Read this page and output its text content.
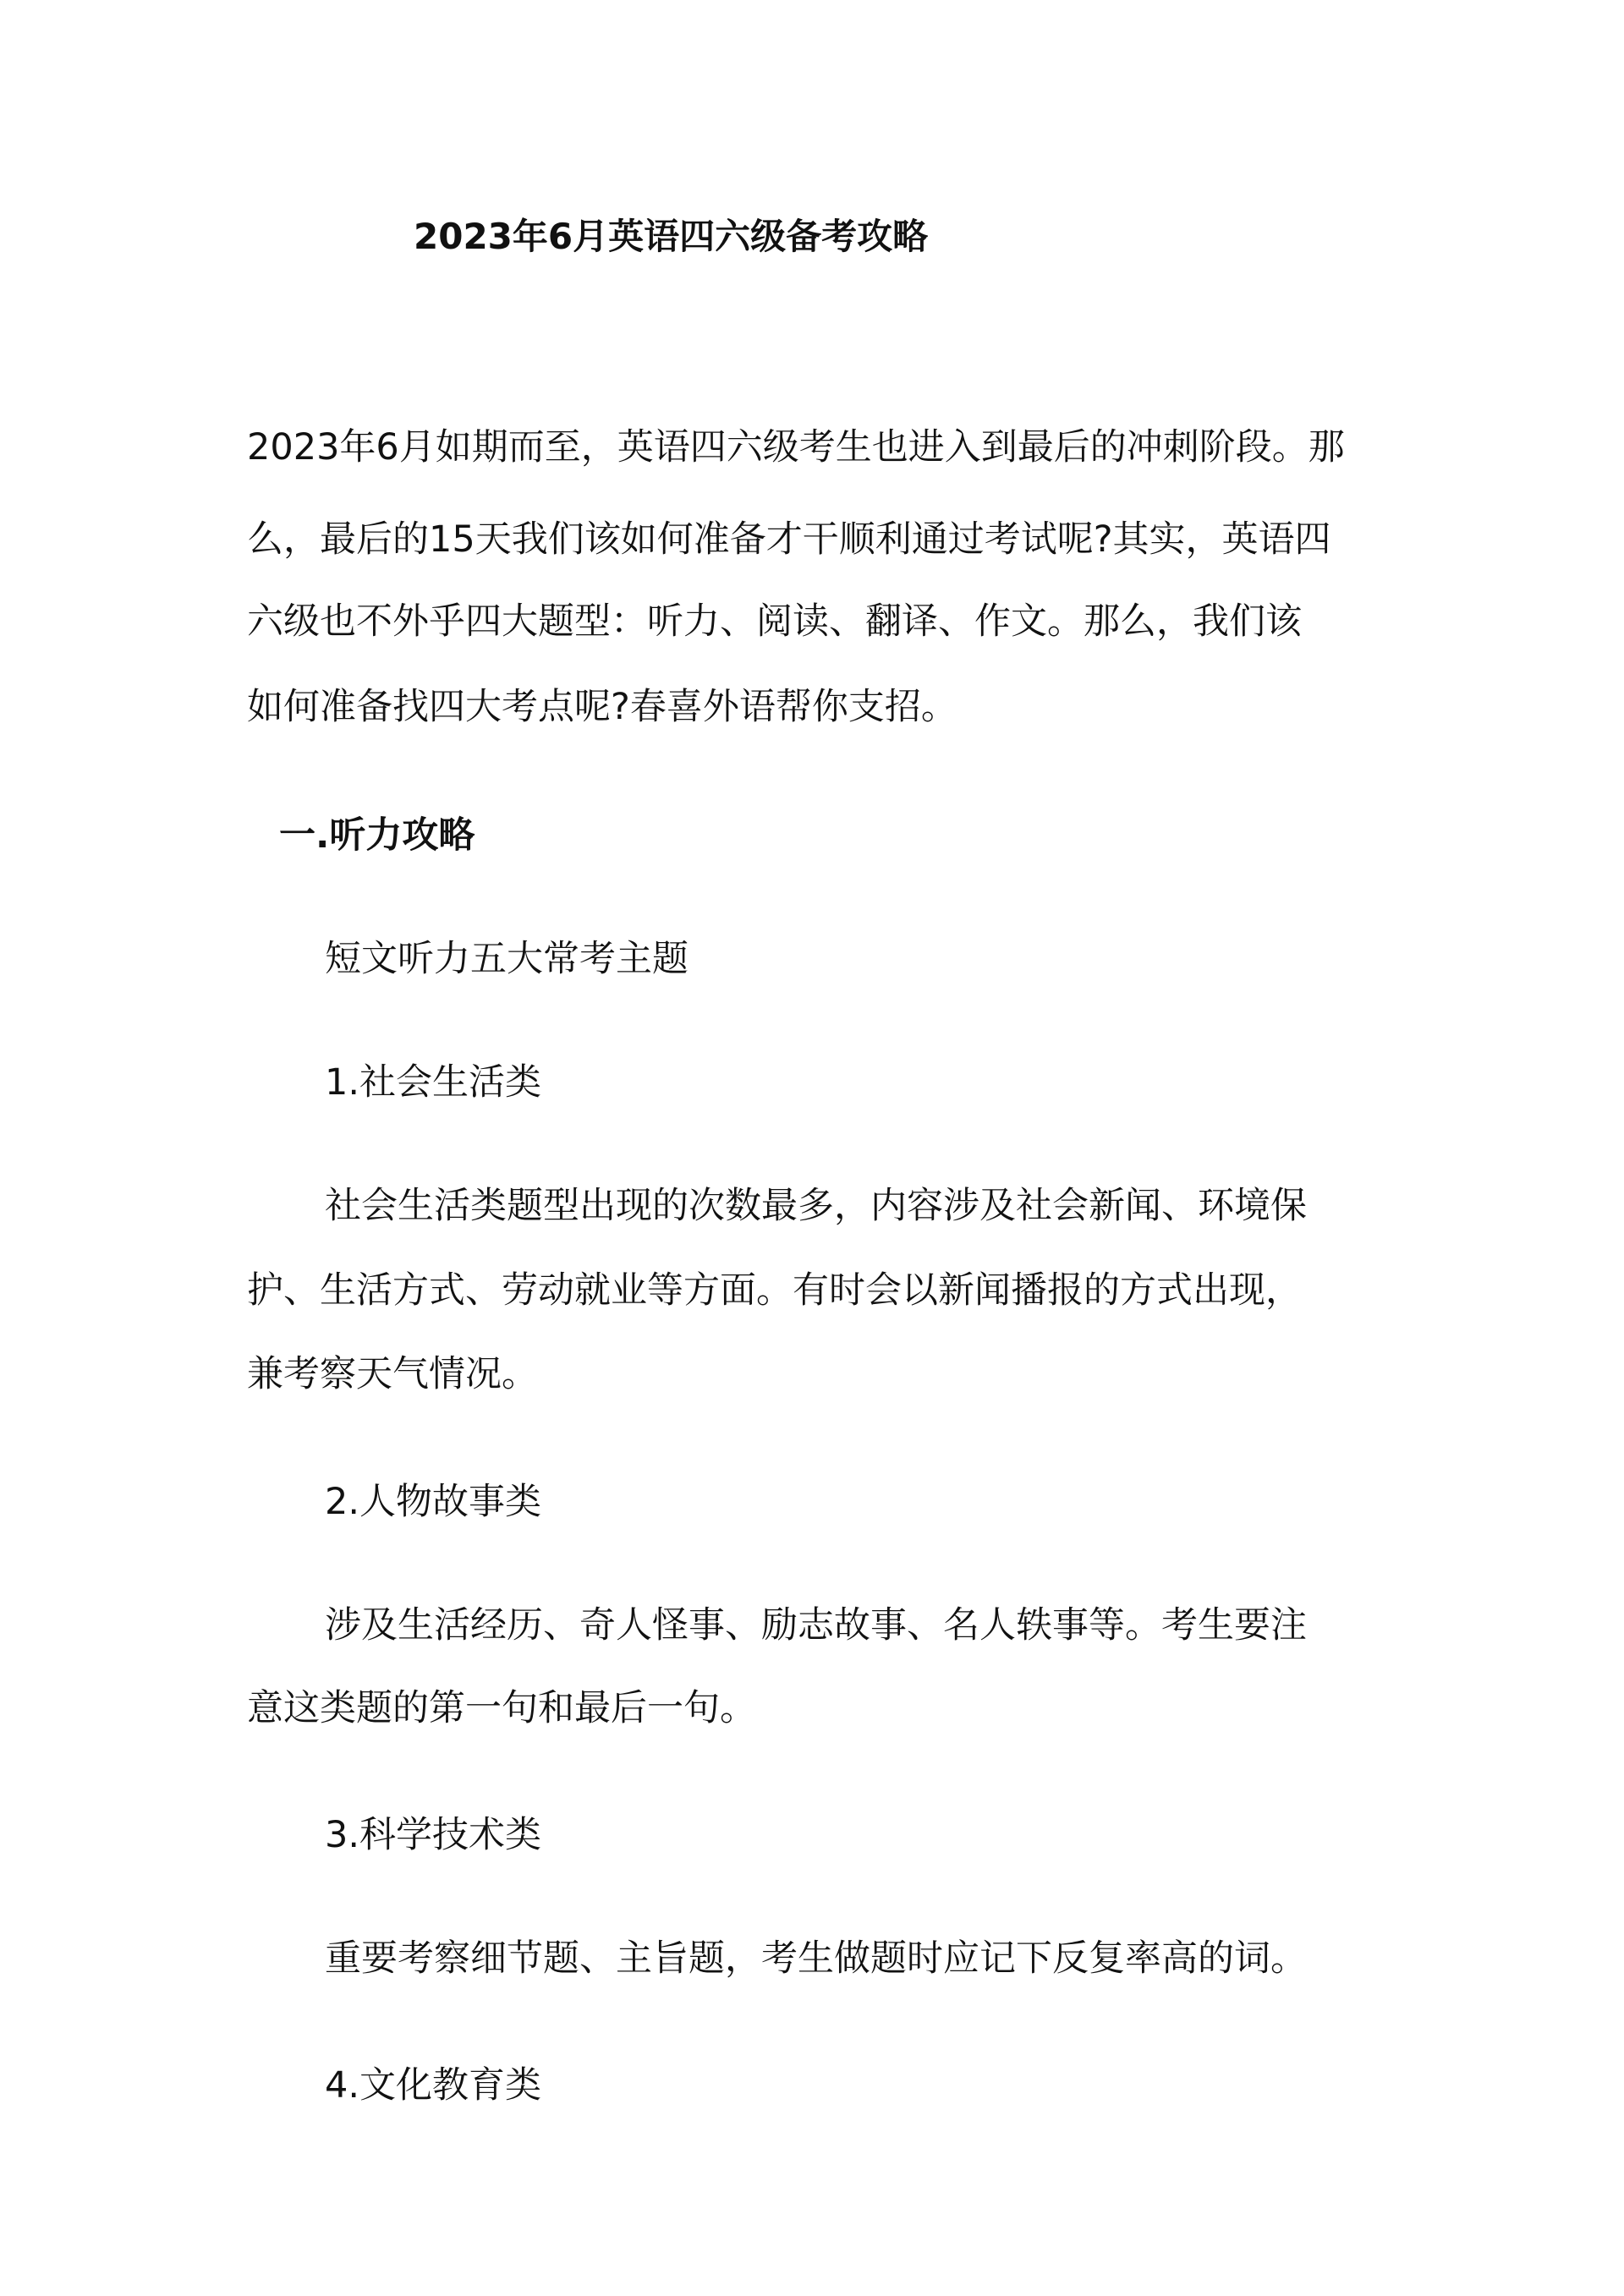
2023年6月英语四六级备考攻略
2023年6月如期而至，英语四六级考生也进入到最后的冲刺阶段。那
么，最后的15天我们该如何准备才干顺利通过考试呢?其实，英语四
六级也不外乎四大题型：听力、阅读、翻译、作文。那么，我们该
如何准备找四大考点呢?春喜外语帮你支招。
一.听力攻略
短文听力五大常考主题
1.社会生活类
社会生活类题型出现的次数最多，内容涉及社会新闻、环境保
护、生活方式、劳动就业等方面。有时会以新闻播报的方式出现，
兼考察天气情况。
2.人物故事类
涉及生活经历、奇人怪事、励志故事、名人轶事等。考生要注
意这类题的第一句和最后一句。
3.科学技术类
重要考察细节题、主旨题，考生做题时应记下反复率高的词。
4.文化教育类
